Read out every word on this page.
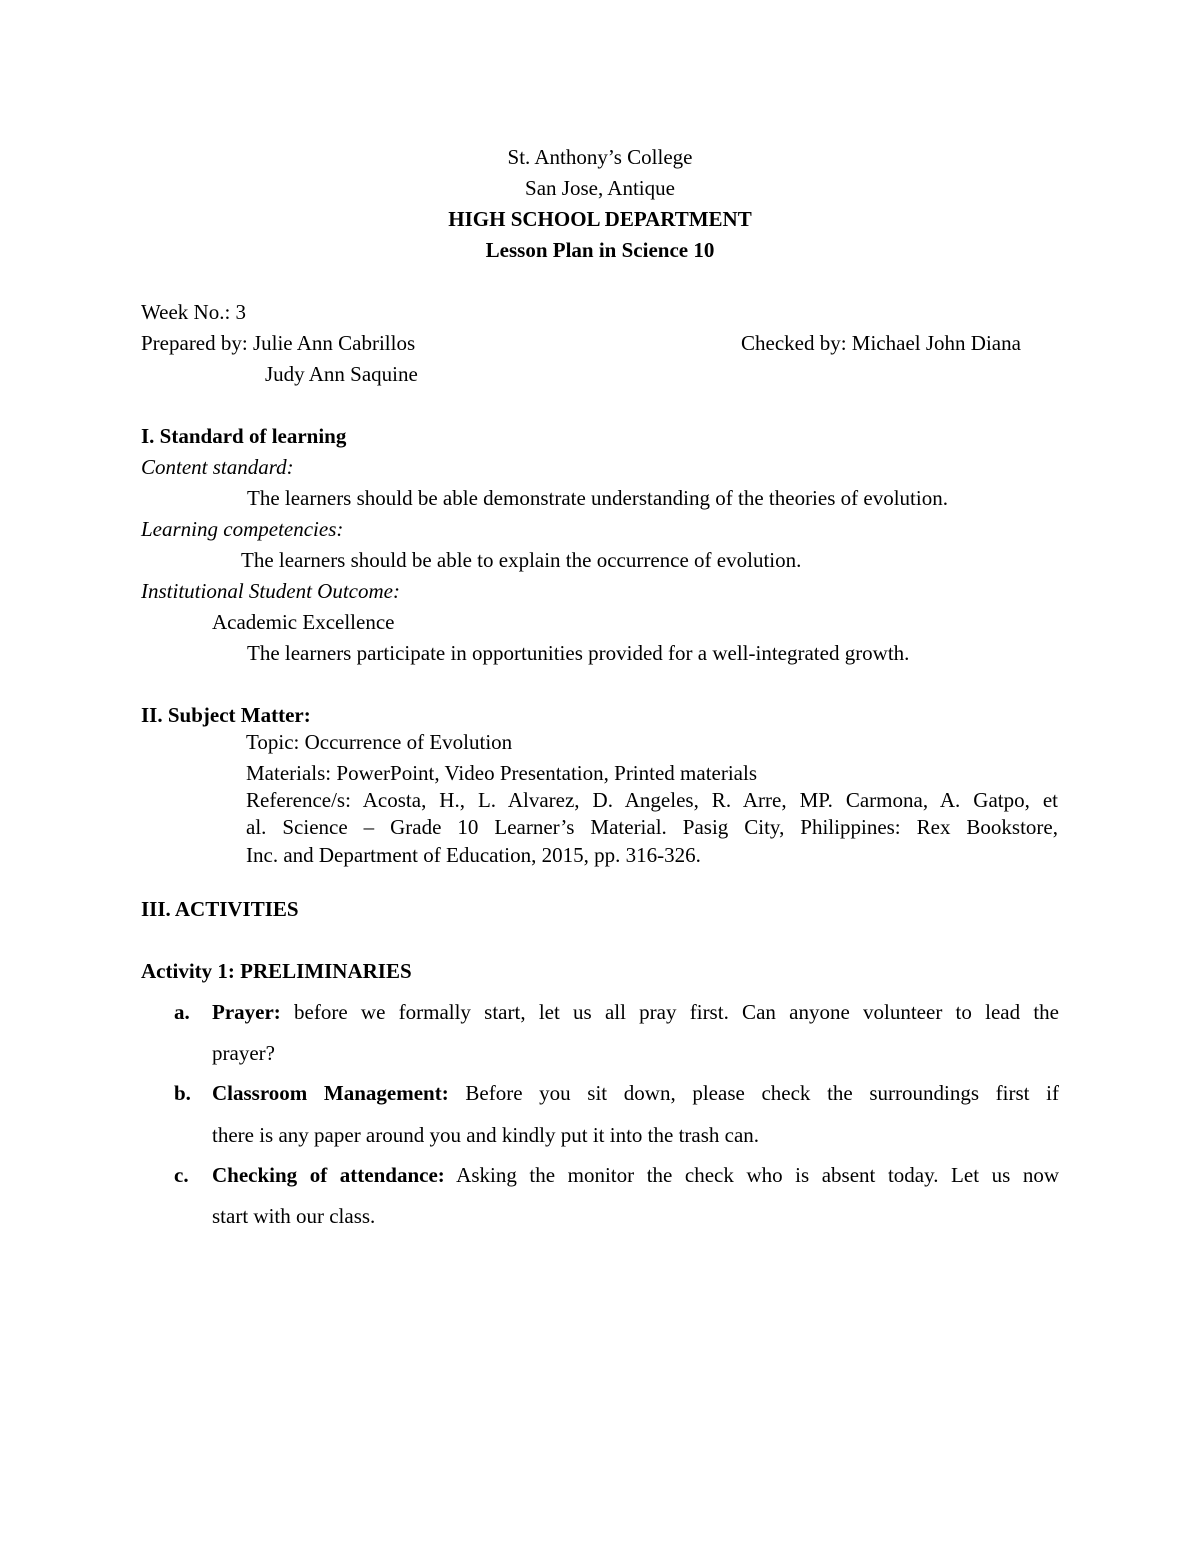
St. Anthony’s College
San Jose, Antique
HIGH SCHOOL DEPARTMENT
Lesson Plan in Science 10
Week No.: 3
Prepared by: Julie Ann Cabrillos	Checked by: Michael John Diana
Judy Ann Saquine
I. Standard of learning
Content standard:
The learners should be able demonstrate understanding of the theories of evolution.
Learning competencies:
The learners should be able to explain the occurrence of evolution.
Institutional Student Outcome:
Academic Excellence
The learners participate in opportunities provided for a well-integrated growth.
II. Subject Matter:
Topic: Occurrence of Evolution
Materials: PowerPoint, Video Presentation, Printed materials
Reference/s: Acosta, H., L. Alvarez, D. Angeles, R. Arre, MP. Carmona, A. Gatpo, et
al. Science – Grade 10 Learner’s Material. Pasig City, Philippines: Rex Bookstore,
Inc. and Department of Education, 2015, pp. 316-326.
III. ACTIVITIES
Activity 1: PRELIMINARIES
a. Prayer: before we formally start, let us all pray first. Can anyone volunteer to lead the
prayer?
b. Classroom Management: Before you sit down, please check the surroundings first if
there is any paper around you and kindly put it into the trash can.
c. Checking of attendance: Asking the monitor the check who is absent today. Let us now
start with our class.
